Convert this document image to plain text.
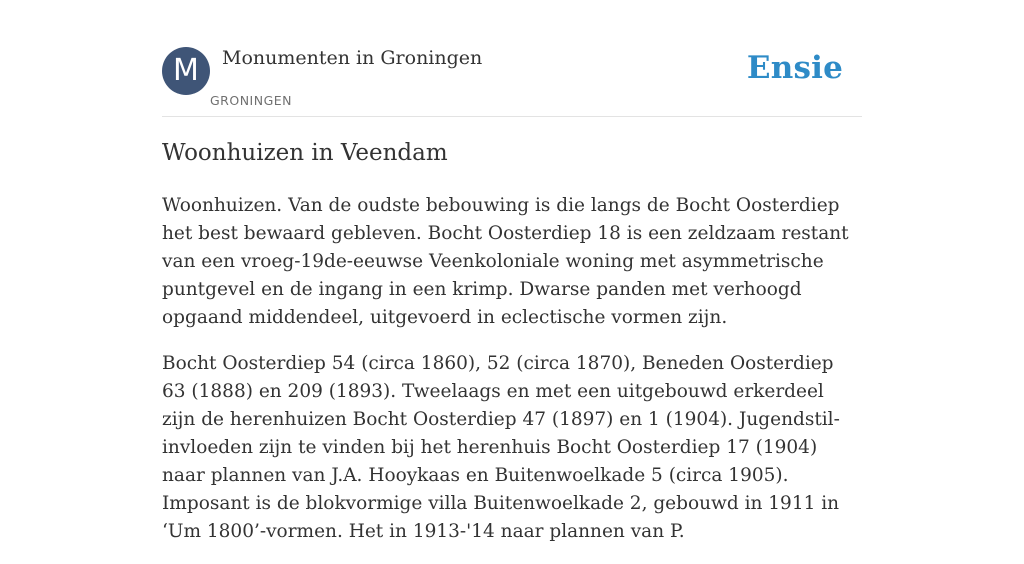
M	Monumenten in Groningen
GRONINGEN
Ensie
Woonhuizen in Veendam

Woonhuizen. Van de oudste bebouwing is die langs de Bocht Oosterdiep het best bewaard gebleven. Bocht Oosterdiep 18 is een zeldzaam restant van een vroeg-19de-eeuwse Veenkoloniale woning met asymmetrische puntgevel en de ingang in een krimp. Dwarse panden met verhoogd opgaand middendeel, uitgevoerd in eclectische vormen zijn.

Bocht Oosterdiep 54 (circa 1860), 52 (circa 1870), Beneden Oosterdiep 63 (1888) en 209 (1893). Tweelaags en met een uitgebouwd erkerdeel zijn de herenhuizen Bocht Oosterdiep 47 (1897) en 1 (1904). Jugendstil-invloeden zijn te vinden bij het herenhuis Bocht Oosterdiep 17 (1904) naar plannen van J.A. Hooykaas en Buitenwoelkade 5 (circa 1905). Imposant is de blokvormige villa Buitenwoelkade 2, gebouwd in 1911 in ‘Um 1800’-vormen. Het in 1913-'14 naar plannen van P.
